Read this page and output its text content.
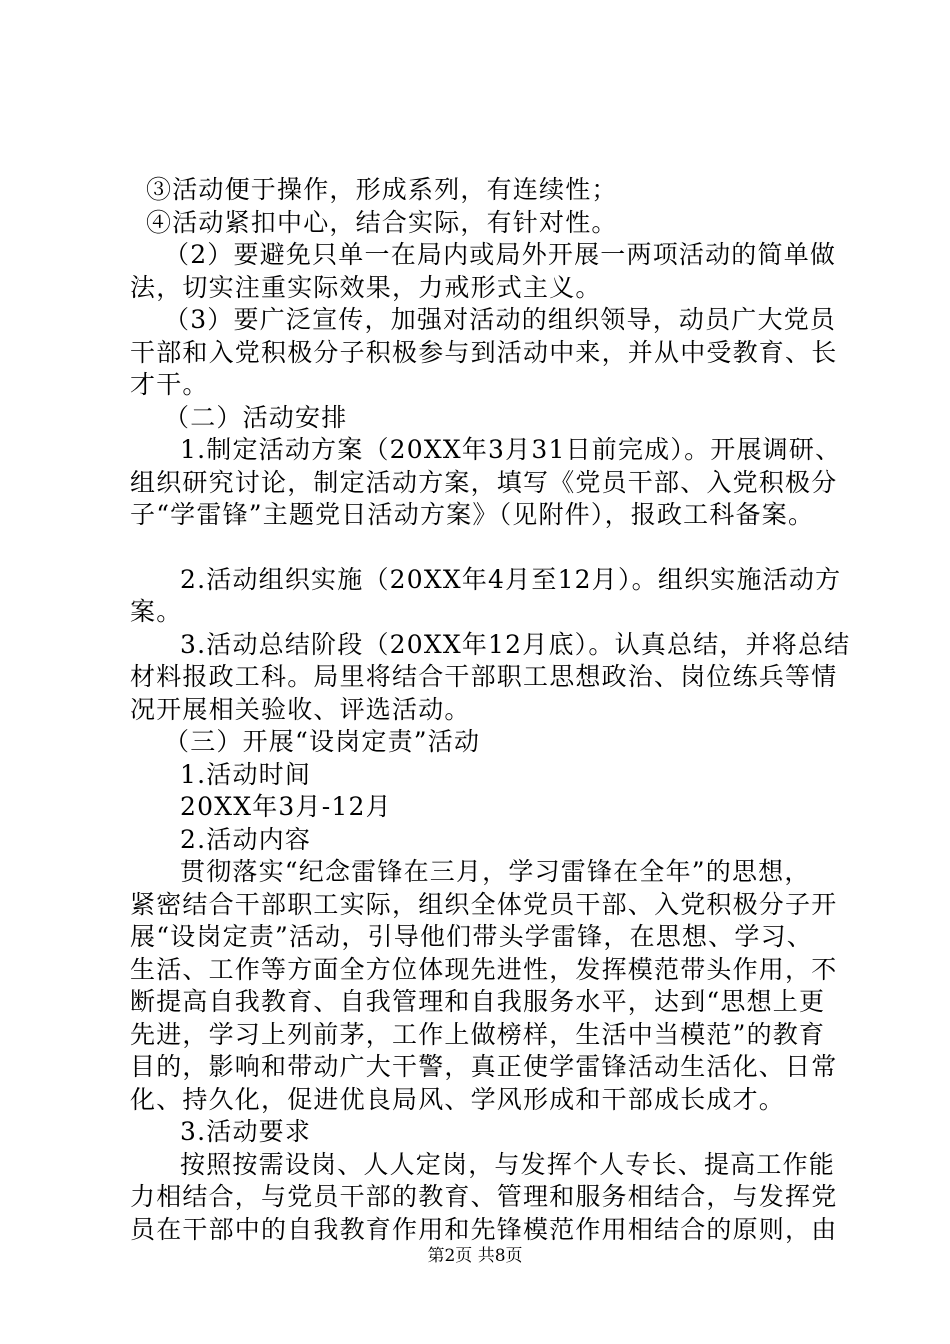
③活动便于操作，形成系列，有连续性；
④活动紧扣中心，结合实际，有针对性。
（2）要避免只单一在局内或局外开展一两项活动的简单做
法，切实注重实际效果，力戒形式主义。
（3）要广泛宣传，加强对活动的组织领导，动员广大党员
干部和入党积极分子积极参与到活动中来，并从中受教育、长
才干。
（二）活动安排
1.制定活动方案（20XX年3月31日前完成）。开展调研、
组织研究讨论，制定活动方案，填写《党员干部、入党积极分
子“学雷锋”主题党日活动方案》（见附件），报政工科备案。
2.活动组织实施（20XX年4月至12月）。组织实施活动方
案。
3.活动总结阶段（20XX年12月底）。认真总结，并将总结
材料报政工科。局里将结合干部职工思想政治、岗位练兵等情
况开展相关验收、评选活动。
（三）开展“设岗定责”活动
1.活动时间
20XX年3月-12月
2.活动内容
贯彻落实“纪念雷锋在三月，学习雷锋在全年”的思想，
紧密结合干部职工实际，组织全体党员干部、入党积极分子开
展“设岗定责”活动，引导他们带头学雷锋，在思想、学习、
生活、工作等方面全方位体现先进性，发挥模范带头作用，不
断提高自我教育、自我管理和自我服务水平，达到“思想上更
先进，学习上列前茅，工作上做榜样，生活中当模范”的教育
目的，影响和带动广大干警，真正使学雷锋活动生活化、日常
化、持久化，促进优良局风、学风形成和干部成长成才。
3.活动要求
按照按需设岗、人人定岗，与发挥个人专长、提高工作能
力相结合，与党员干部的教育、管理和服务相结合，与发挥党
员在干部中的自我教育作用和先锋模范作用相结合的原则，由
第2页 共8页
